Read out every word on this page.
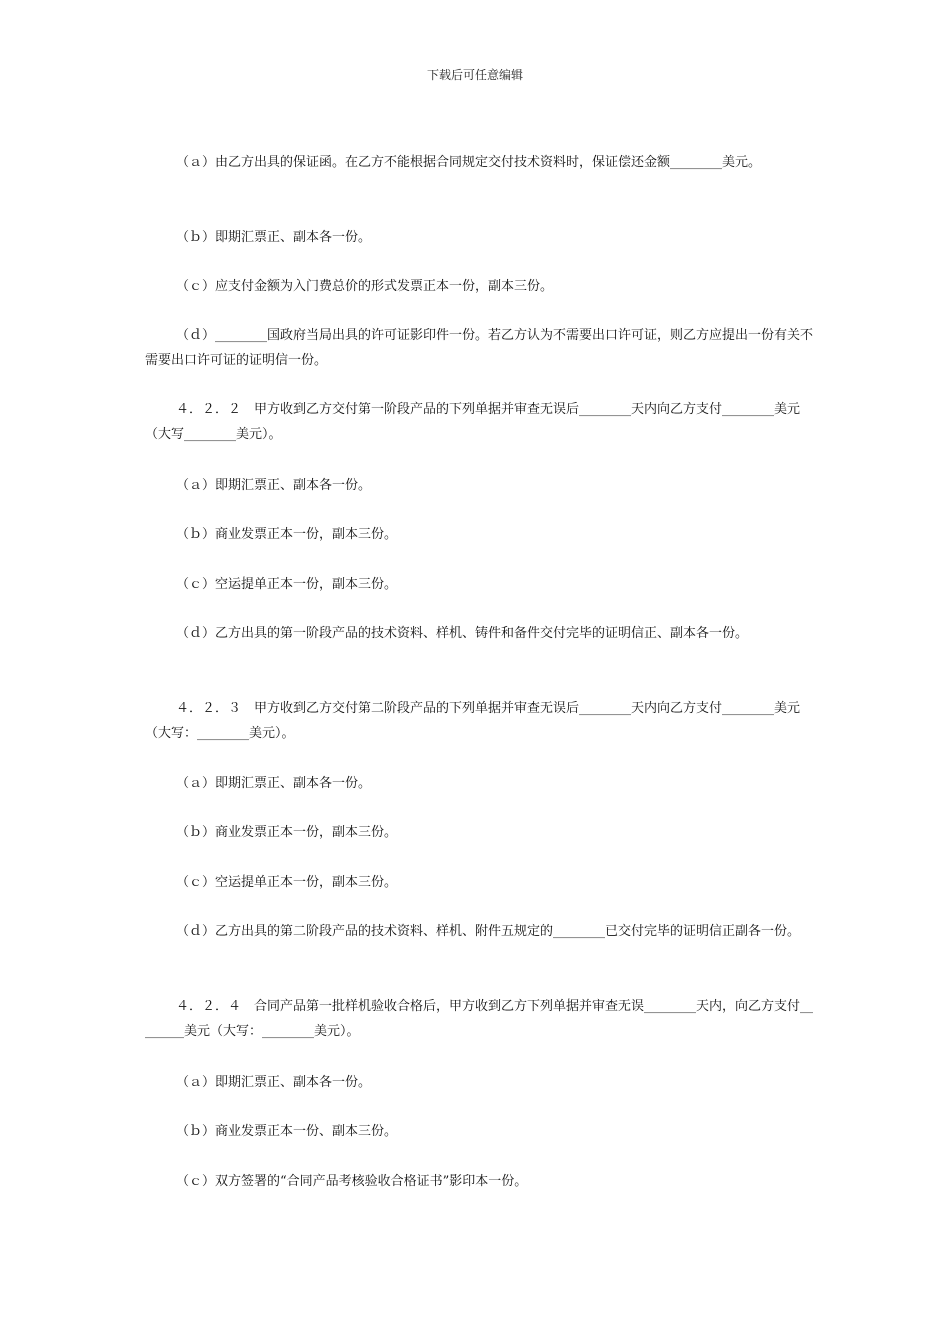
下载后可任意编辑

（ａ）由乙方出具的保证函。在乙方不能根据合同规定交付技术资料时，保证偿还金额________美元。

（ｂ）即期汇票正、副本各一份。

（ｃ）应支付金额为入门费总价的形式发票正本一份，副本三份。

（ｄ）________国政府当局出具的许可证影印件一份。若乙方认为不需要出口许可证，则乙方应提出一份有关不需要出口许可证的证明信一份。

４．２．２　甲方收到乙方交付第一阶段产品的下列单据并审查无误后________天内向乙方支付________美元（大写________美元）。

（ａ）即期汇票正、副本各一份。

（ｂ）商业发票正本一份，副本三份。

（ｃ）空运提单正本一份，副本三份。

（ｄ）乙方出具的第一阶段产品的技术资料、样机、铸件和备件交付完毕的证明信正、副本各一份。

４．２．３　甲方收到乙方交付第二阶段产品的下列单据并审查无误后________天内向乙方支付________美元（大写：________美元）。

（ａ）即期汇票正、副本各一份。

（ｂ）商业发票正本一份，副本三份。

（ｃ）空运提单正本一份，副本三份。

（ｄ）乙方出具的第二阶段产品的技术资料、样机、附件五规定的________已交付完毕的证明信正副各一份。

４．２．４　合同产品第一批样机验收合格后，甲方收到乙方下列单据并审查无误________天内，向乙方支付________美元（大写：________美元）。

（ａ）即期汇票正、副本各一份。

（ｂ）商业发票正本一份、副本三份。

（ｃ）双方签署的“合同产品考核验收合格证书”影印本一份。
